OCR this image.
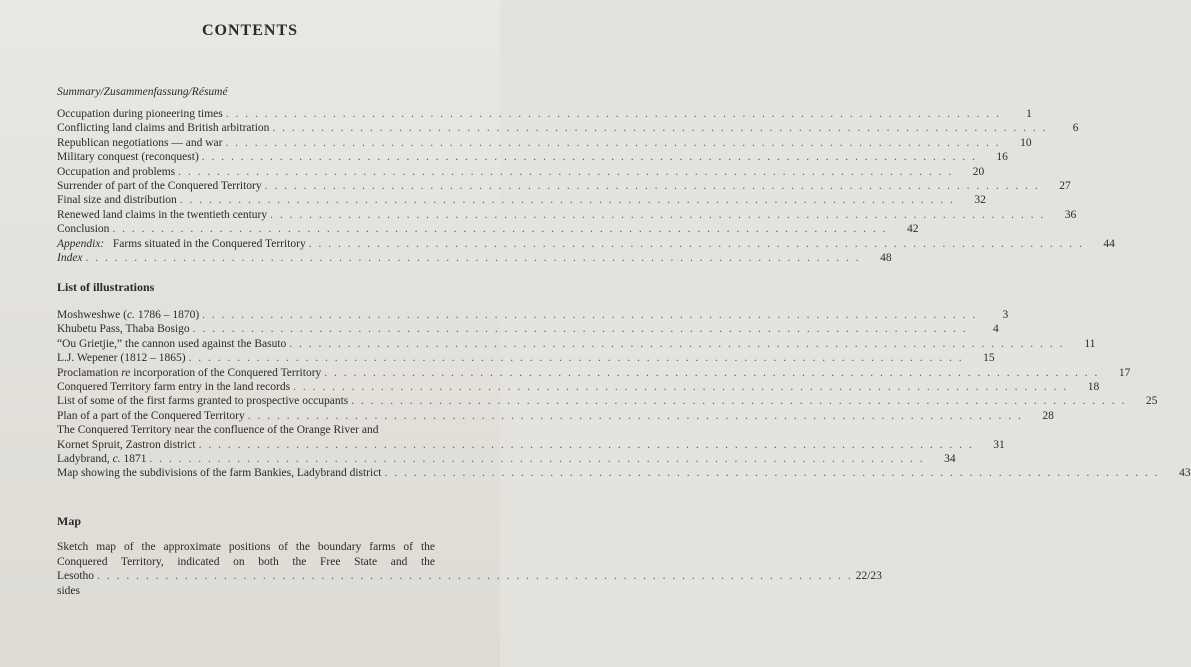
CONTENTS
Summary/Zusammenfassung/Résumé
Occupation during pioneering times . . .	1
Conflicting land claims and British arbitration . . .	6
Republican negotiations — and war . . .	10
Military conquest (reconquest) . . .	16
Occupation and problems . . .	20
Surrender of part of the Conquered Territory . . .	27
Final size and distribution . . .	32
Renewed land claims in the twentieth century . . .	36
Conclusion . . .	42
Appendix: Farms situated in the Conquered Territory . . .	44
Index . . .	48
List of illustrations
Moshweshwe (c. 1786 – 1870) . . .	3
Khubetu Pass, Thaba Bosigo . . .	4
“Ou Grietjie,” the cannon used against the Basuto . . .	11
L.J. Wepener (1812 – 1865) . . .	15
Proclamation re incorporation of the Conquered Territory . . .	17
Conquered Territory farm entry in the land records . . .	18
List of some of the first farms granted to prospective occupants . . .	25
Plan of a part of the Conquered Territory . . .	28
The Conquered Territory near the confluence of the Orange River and
Kornet Spruit, Zastron district . . .	31
Ladybrand, c. 1871 . . .	34
Map showing the subdivisions of the farm Bankies, Ladybrand district . . .	43
Map
Sketch map of the approximate positions of the boundary farms of the
Conquered Territory, indicated on both the Free State and the
Lesotho sides
. . . . . . . . . . . . . . . . . . . . . . . . . . . . . . . . . . . . . . . . . . . . . . . . . . . . . . . . . . . . . . . . . . . . . . . . . . . . . . 22/23
